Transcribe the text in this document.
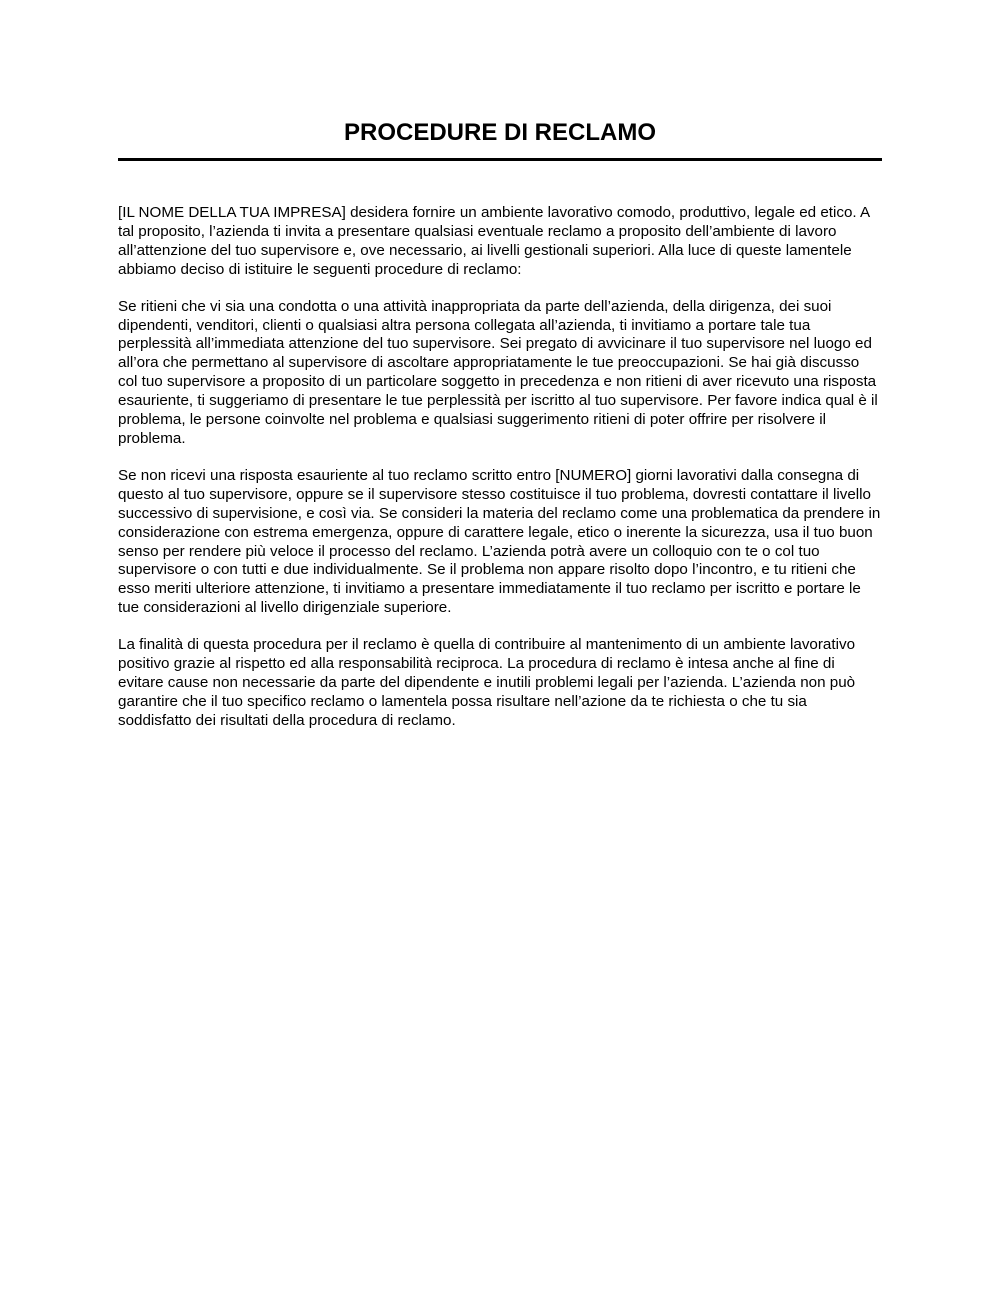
PROCEDURE DI RECLAMO

[IL NOME DELLA TUA IMPRESA] desidera fornire un ambiente lavorativo comodo, produttivo, legale ed etico. A tal proposito, l’azienda ti invita a presentare qualsiasi eventuale reclamo a proposito dell’ambiente di lavoro all’attenzione del tuo supervisore e, ove necessario, ai livelli gestionali superiori. Alla luce di queste lamentele abbiamo deciso di istituire le seguenti procedure di reclamo:

Se ritieni che vi sia una condotta o una attività inappropriata da parte dell’azienda, della dirigenza, dei suoi dipendenti, venditori, clienti o qualsiasi altra persona collegata all’azienda, ti invitiamo a portare tale tua perplessità all’immediata attenzione del tuo supervisore. Sei pregato di avvicinare il tuo supervisore nel luogo ed all’ora che permettano al supervisore di ascoltare appropriatamente le tue preoccupazioni. Se hai già discusso col tuo supervisore a proposito di un particolare soggetto in precedenza e non ritieni di aver ricevuto una risposta esauriente, ti suggeriamo di presentare le tue perplessità per iscritto al tuo supervisore. Per favore indica qual è il problema, le persone coinvolte nel problema e qualsiasi suggerimento ritieni di poter offrire per risolvere il problema.

Se non ricevi una risposta esauriente al tuo reclamo scritto entro [NUMERO] giorni lavorativi dalla consegna di questo al tuo supervisore, oppure se il supervisore stesso costituisce il tuo problema, dovresti contattare il livello successivo di supervisione, e così via. Se consideri la materia del reclamo come una problematica da prendere in considerazione con estrema emergenza, oppure di carattere legale, etico o inerente la sicurezza, usa il tuo buon senso per rendere più veloce il processo del reclamo. L’azienda potrà avere un colloquio con te o col tuo supervisore o con tutti e due individualmente. Se il problema non appare risolto dopo l’incontro, e tu ritieni che esso meriti ulteriore attenzione, ti invitiamo a presentare immediatamente il tuo reclamo per iscritto e portare le tue considerazioni al livello dirigenziale superiore.

La finalità di questa procedura per il reclamo è quella di contribuire al mantenimento di un ambiente lavorativo positivo grazie al rispetto ed alla responsabilità reciproca. La procedura di reclamo è intesa anche al fine di evitare cause non necessarie da parte del dipendente e inutili problemi legali per l’azienda. L’azienda non può garantire che il tuo specifico reclamo o lamentela possa risultare nell’azione da te richiesta o che tu sia soddisfatto dei risultati della procedura di reclamo.
